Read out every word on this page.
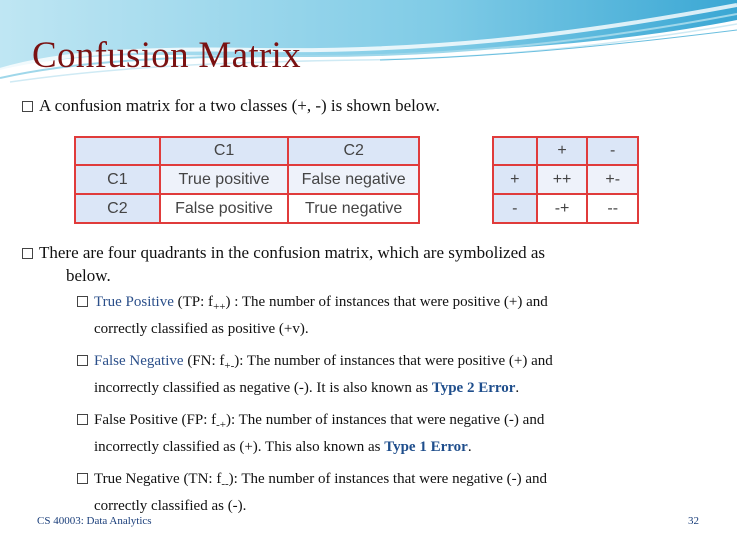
Confusion Matrix
A confusion matrix for a two classes (+, -) is shown below.
	C1	C2
C1	True positive	False negative
C2	False positive	True negative
	+	-
+	++	+-
-	-+	--
There are four quadrants in the confusion matrix, which are symbolized as
below.
True Positive (TP: $f_{++}$) : The number of instances that were positive (+) and
correctly classified as positive (+v).
False Negative (FN: $f_{+-}$): The number of instances that were positive (+) and
incorrectly classified as negative (-). It is also known as Type 2 Error.
False Positive (FP: $f_{-+}$): The number of instances that were negative (-) and
incorrectly classified as (+). This also known as Type 1 Error.
True Negative (TN: $f_{--}$): The number of instances that were negative (-) and
correctly classified as (-).
CS 40003: Data Analytics	32
